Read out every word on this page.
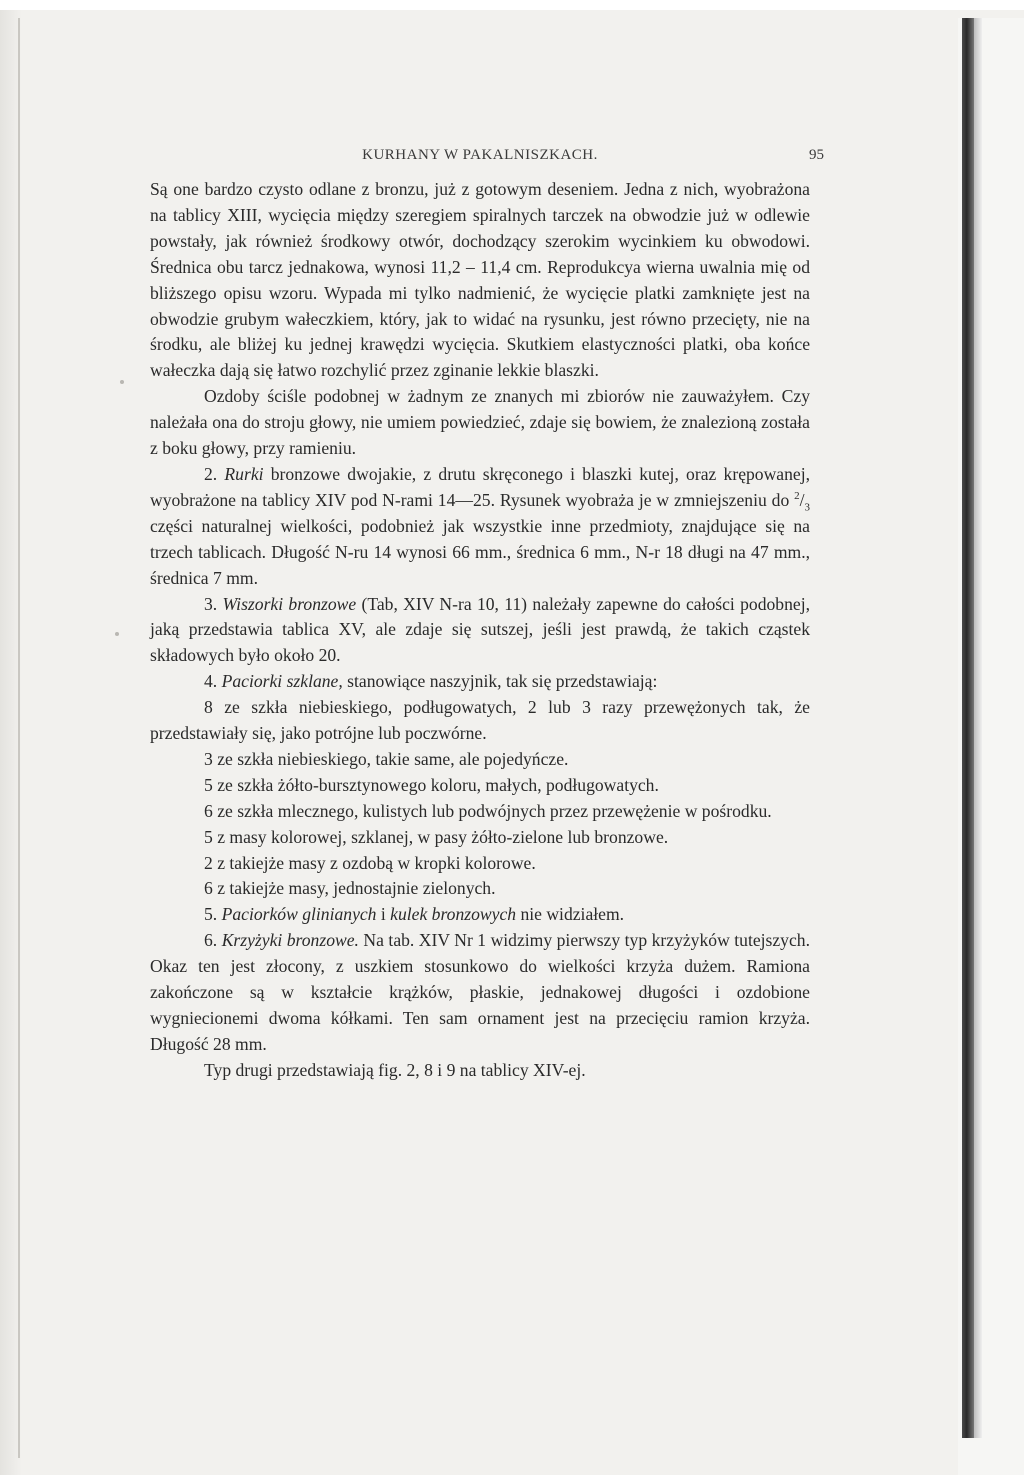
KURHANY W PAKALNISZKACH.	95

Są one bardzo czysto odlane z bronzu, już z gotowym deseniem. Jedna z nich, wyobrażona na tablicy XIII, wycięcia między szeregiem spiralnych tarczek na obwodzie już w odlewie powstały, jak również środkowy otwór, dochodzący szerokim wycinkiem ku obwodowi. Średnica obu tarcz jednakowa, wynosi 11,2 – 11,4 cm. Reprodukcya wierna uwalnia mię od bliższego opisu wzoru. Wypada mi tylko nadmienić, że wycięcie platki zamknięte jest na obwodzie grubym wałeczkiem, który, jak to widać na rysunku, jest równo przecięty, nie na środku, ale bliżej ku jednej krawędzi wycięcia. Skutkiem elastyczności platki, oba końce wałeczka dają się łatwo rozchylić przez zginanie lekkie blaszki.

Ozdoby ściśle podobnej w żadnym ze znanych mi zbiorów nie zauważyłem. Czy należała ona do stroju głowy, nie umiem powiedzieć, zdaje się bowiem, że znalezioną została z boku głowy, przy ramieniu.

2. Rurki bronzowe dwojakie, z drutu skręconego i blaszki kutej, oraz krępowanej, wyobrażone na tablicy XIV pod N-rami 14—25. Rysunek wyobraża je w zmniejszeniu do $^2/_3$ części naturalnej wielkości, podobnież jak wszystkie inne przedmioty, znajdujące się na trzech tablicach. Długość N-ru 14 wynosi 66 mm., średnica 6 mm., N-r 18 długi na 47 mm., średnica 7 mm.

3. Wiszorki bronzowe (Tab, XIV N-ra 10, 11) należały zapewne do całości podobnej, jaką przedstawia tablica XV, ale zdaje się sutszej, jeśli jest prawdą, że takich cząstek składowych było około 20.

4. Paciorki szklane, stanowiące naszyjnik, tak się przedstawiają:

8 ze szkła niebieskiego, podługowatych, 2 lub 3 razy przewężonych tak, że przedstawiały się, jako potrójne lub poczwórne.

3 ze szkła niebieskiego, takie same, ale pojedyńcze.

5 ze szkła żółto-bursztynowego koloru, małych, podługowatych.

6 ze szkła mlecznego, kulistych lub podwójnych przez przewężenie w pośrodku.

5 z masy kolorowej, szklanej, w pasy żółto-zielone lub bronzowe.

2 z takiejże masy z ozdobą w kropki kolorowe.

6 z takiejże masy, jednostajnie zielonych.

5. Paciorków glinianych i kulek bronzowych nie widziałem.

6. Krzyżyki bronzowe. Na tab. XIV Nr 1 widzimy pierwszy typ krzyżyków tutejszych. Okaz ten jest złocony, z uszkiem stosunkowo do wielkości krzyża dużem. Ramiona zakończone są w kształcie krążków, płaskie, jednakowej długości i ozdobione wygniecionemi dwoma kółkami. Ten sam ornament jest na przecięciu ramion krzyża. Długość 28 mm.

Typ drugi przedstawiają fig. 2, 8 i 9 na tablicy XIV-ej.
